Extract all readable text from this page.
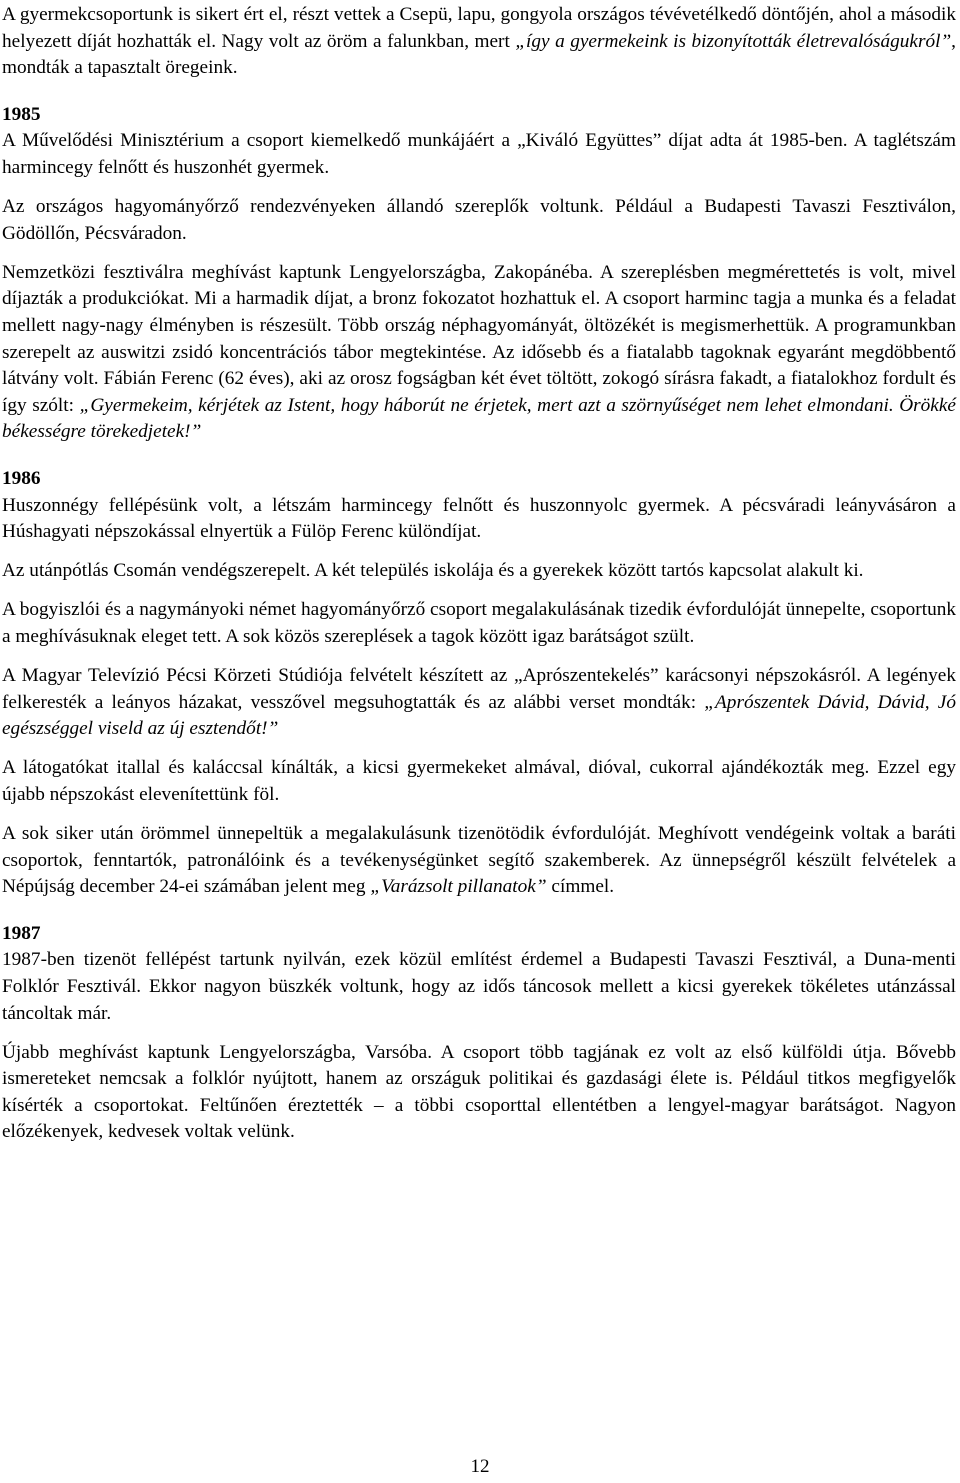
A gyermekcsoportunk is sikert ért el, részt vettek a Csepü, lapu, gongyola országos tévévetélkedő döntőjén, ahol a második helyezett díját hozhatták el. Nagy volt az öröm a falunkban, mert „így a gyermekeink is bizonyították életrevalóságukról”, mondták a tapasztalt öregeink.

1985

A Művelődési Minisztérium a csoport kiemelkedő munkájáért a „Kiváló Együttes” díjat adta át 1985-ben. A taglétszám harmincegy felnőtt és huszonhét gyermek.

Az országos hagyományőrző rendezvényeken állandó szereplők voltunk. Például a Budapesti Tavaszi Fesztiválon, Gödöllőn, Pécsváradon.

Nemzetközi fesztiválra meghívást kaptunk Lengyelországba, Zakopánéba. A szereplésben megmérettetés is volt, mivel díjazták a produkciókat. Mi a harmadik díjat, a bronz fokozatot hozhattuk el. A csoport harminc tagja a munka és a feladat mellett nagy-nagy élményben is részesült. Több ország néphagyományát, öltözékét is megismerhettük. A programunkban szerepelt az auswitzi zsidó koncentrációs tábor megtekintése. Az idősebb és a fiatalabb tagoknak egyaránt megdöbbentő látvány volt. Fábián Ferenc (62 éves), aki az orosz fogságban két évet töltött, zokogó sírásra fakadt, a fiatalokhoz fordult és így szólt: „Gyermekeim, kérjétek az Istent, hogy háborút ne érjetek, mert azt a szörnyűséget nem lehet elmondani. Örökké békességre törekedjetek!”

1986

Huszonnégy fellépésünk volt, a létszám harmincegy felnőtt és huszonnyolc gyermek. A pécsváradi leányvásáron a Húshagyati népszokással elnyertük a Fülöp Ferenc különdíjat.

Az utánpótlás Csomán vendégszerepelt. A két település iskolája és a gyerekek között tartós kapcsolat alakult ki.

A bogyiszlói és a nagymányoki német hagyományőrző csoport megalakulásának tizedik évfordulóját ünnepelte, csoportunk a meghívásuknak eleget tett. A sok közös szereplések a tagok között igaz barátságot szült.

A Magyar Televízió Pécsi Körzeti Stúdiója felvételt készített az „Aprószentekelés” karácsonyi népszokásról. A legények felkeresték a leányos házakat, vesszővel megsuhogtatták és az alábbi verset mondták: „Aprószentek Dávid, Dávid, Jó egészséggel viseld az új esztendőt!”

A látogatókat itallal és kaláccsal kínálták, a kicsi gyermekeket almával, dióval, cukorral ajándékozták meg. Ezzel egy újabb népszokást elevenítettünk föl.

A sok siker után örömmel ünnepeltük a megalakulásunk tizenötödik évfordulóját. Meghívott vendégeink voltak a baráti csoportok, fenntartók, patronálóink és a tevékenységünket segítő szakemberek. Az ünnepségről készült felvételek a Népújság december 24-ei számában jelent meg „Varázsolt pillanatok” címmel.

1987

1987-ben tizenöt fellépést tartunk nyilván, ezek közül említést érdemel a Budapesti Tavaszi Fesztivál, a Duna-menti Folklór Fesztivál. Ekkor nagyon büszkék voltunk, hogy az idős táncosok mellett a kicsi gyerekek tökéletes utánzással táncoltak már.

Újabb meghívást kaptunk Lengyelországba, Varsóba. A csoport több tagjának ez volt az első külföldi útja. Bővebb ismereteket nemcsak a folklór nyújtott, hanem az országuk politikai és gazdasági élete is. Például titkos megfigyelők kísérték a csoportokat. Feltűnően éreztették – a többi csoporttal ellentétben a lengyel-magyar barátságot. Nagyon előzékenyek, kedvesek voltak velünk.

12
